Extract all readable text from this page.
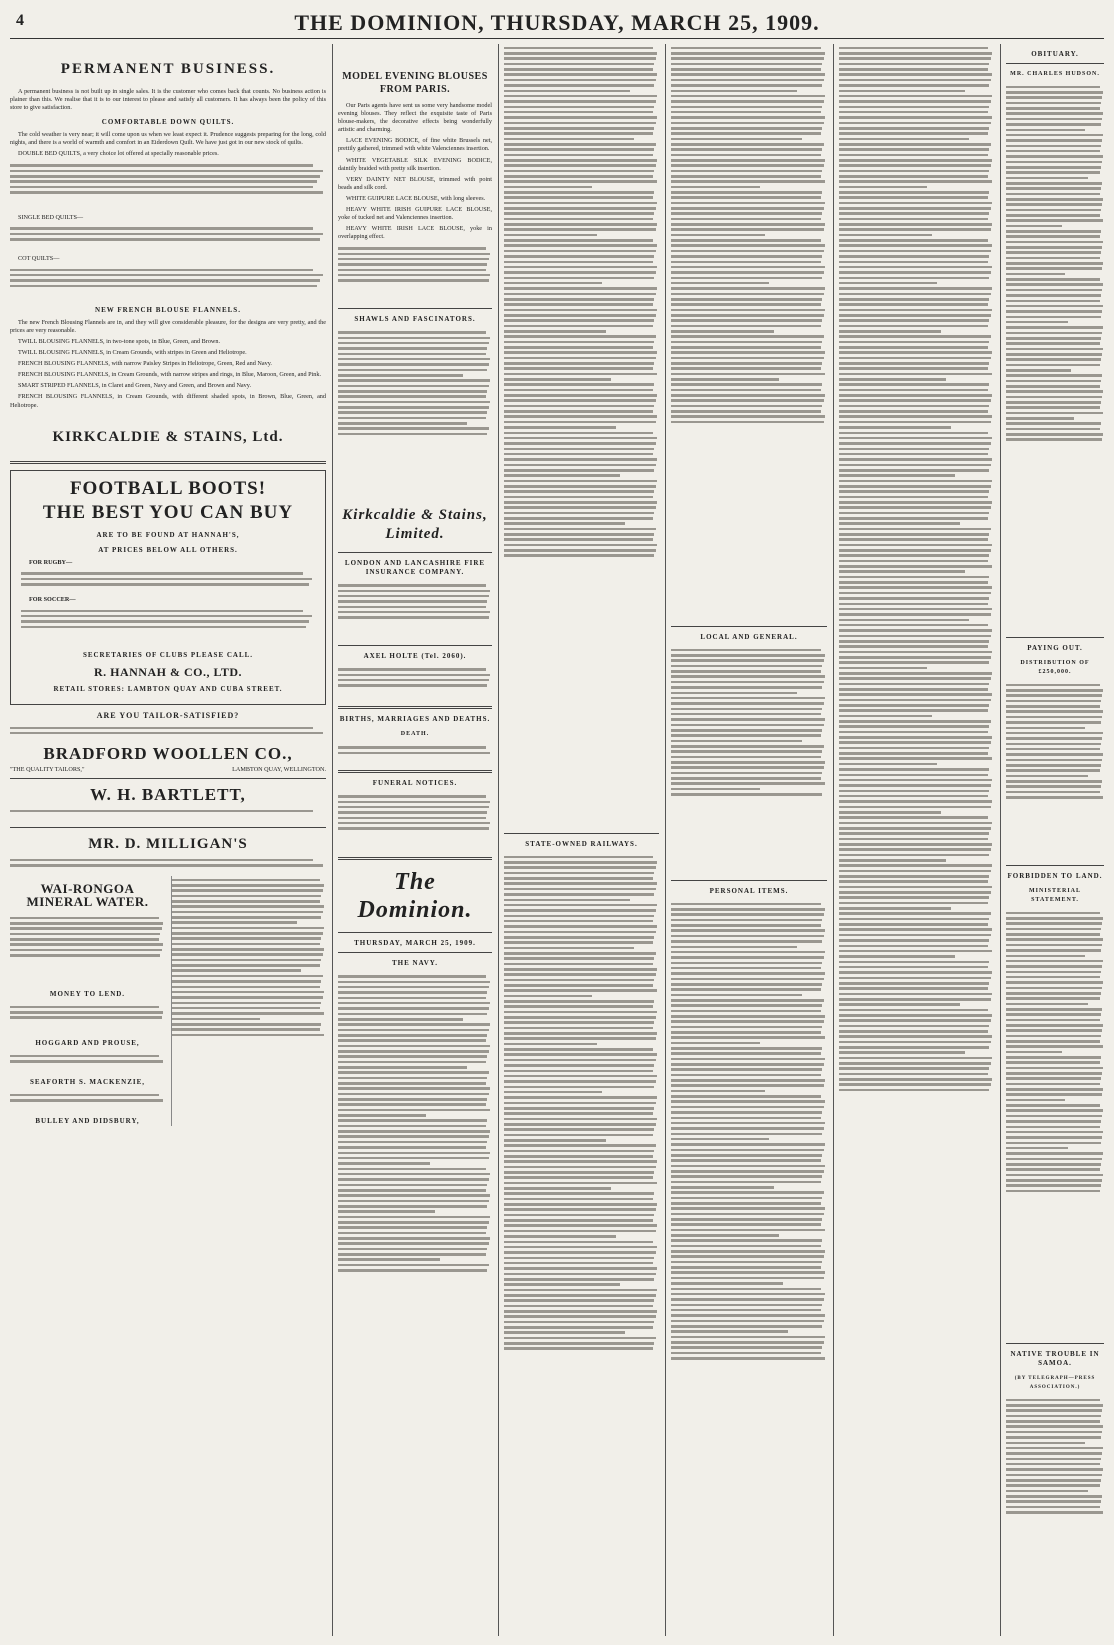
4	THE DOMINION, THURSDAY, MARCH 25, 1909.
PERMANENT BUSINESS.

A permanent business is not built up in single sales. It is the customer who comes back that counts. No business action is plainer than this. We realise that it is to our interest to please and satisfy all customers. It has always been the policy of this store to give satisfaction.

COMFORTABLE DOWN QUILTS.

The cold weather is very near; it will come upon us when we least expect it. Prudence suggests preparing for the long, cold nights, and there is a world of warmth and comfort in an Eiderdown Quilt. We have just got in our new stock of quilts.

DOUBLE BED QUILTS, a very choice lot offered at specially reasonable prices.

SINGLE BED QUILTS—

COT QUILTS—

NEW FRENCH BLOUSE FLANNELS.

The new French Blousing Flannels are in, and they will give considerable pleasure, for the designs are very pretty, and the prices are very reasonable.

TWILL BLOUSING FLANNELS, in two-tone spots, in Blue, Green, and Brown.

TWILL BLOUSING FLANNELS, in Cream Grounds, with stripes in Green and Heliotrope.

FRENCH BLOUSING FLANNELS, with narrow Paisley Stripes in Heliotrope, Green, Red and Navy.

FRENCH BLOUSING FLANNELS, in Cream Grounds, with narrow stripes and rings, in Blue, Maroon, Green, and Pink.

SMART STRIPED FLANNELS, in Claret and Green, Navy and Green, and Brown and Navy.

FRENCH BLOUSING FLANNELS, in Cream Grounds, with different shaded spots, in Brown, Blue, Green, and Heliotrope.

KIRKCALDIE & STAINS, Ltd.
FOOTBALL BOOTS!
THE BEST YOU CAN BUY
ARE TO BE FOUND AT HANNAH'S,
AT PRICES BELOW ALL OTHERS.

FOR RUGBY—

FOR SOCCER—

SECRETARIES OF CLUBS PLEASE CALL.
R. HANNAH & CO., LTD.
RETAIL STORES: LAMBTON QUAY AND CUBA STREET.
ARE YOU TAILOR-SATISFIED?
BRADFORD WOOLLEN CO.,
"THE QUALITY TAILORS,"	LAMBTON QUAY, WELLINGTON.
W. H. BARTLETT,
MR. D. MILLIGAN'S
WAI-RONGOA MINERAL WATER.
MONEY TO LEND.
HOGGARD AND PROUSE,
SEAFORTH S. MACKENZIE,
BULLEY AND DIDSBURY,
MODEL EVENING BLOUSES FROM PARIS.

Our Paris agents have sent us some very handsome model evening blouses. They reflect the exquisite taste of Paris blouse-makers, the decorative effects being wonderfully artistic and charming.

LACE EVENING BODICE, of fine white Brussels net, prettily gathered, trimmed with white Valenciennes insertion.

WHITE VEGETABLE SILK EVENING BODICE, daintily braided with pretty silk insertion.

VERY DAINTY NET BLOUSE, trimmed with point beads and silk cord.

WHITE GUIPURE LACE BLOUSE, with long sleeves.

HEAVY WHITE IRISH GUIPURE LACE BLOUSE, yoke of tucked net and Valenciennes insertion.

HEAVY WHITE IRISH LACE BLOUSE, yoke in overlapping effect.

SHAWLS AND FASCINATORS.
Kirkcaldie & Stains, Limited.
LONDON AND LANCASHIRE FIRE INSURANCE COMPANY.
AXEL HOLTE (Tel. 2060).
BIRTHS, MARRIAGES AND DEATHS.
DEATH.
FUNERAL NOTICES.
The Dominion.
THURSDAY, MARCH 25, 1909.
THE NAVY.
STATE-OWNED RAILWAYS.
LOCAL AND GENERAL.
PERSONAL ITEMS.
OBITUARY.
MR. CHARLES HUDSON.
PAYING OUT.
DISTRIBUTION OF £250,000.
FORBIDDEN TO LAND.
MINISTERIAL STATEMENT.
NATIVE TROUBLE IN SAMOA.
(BY TELEGRAPH—PRESS ASSOCIATION.)
